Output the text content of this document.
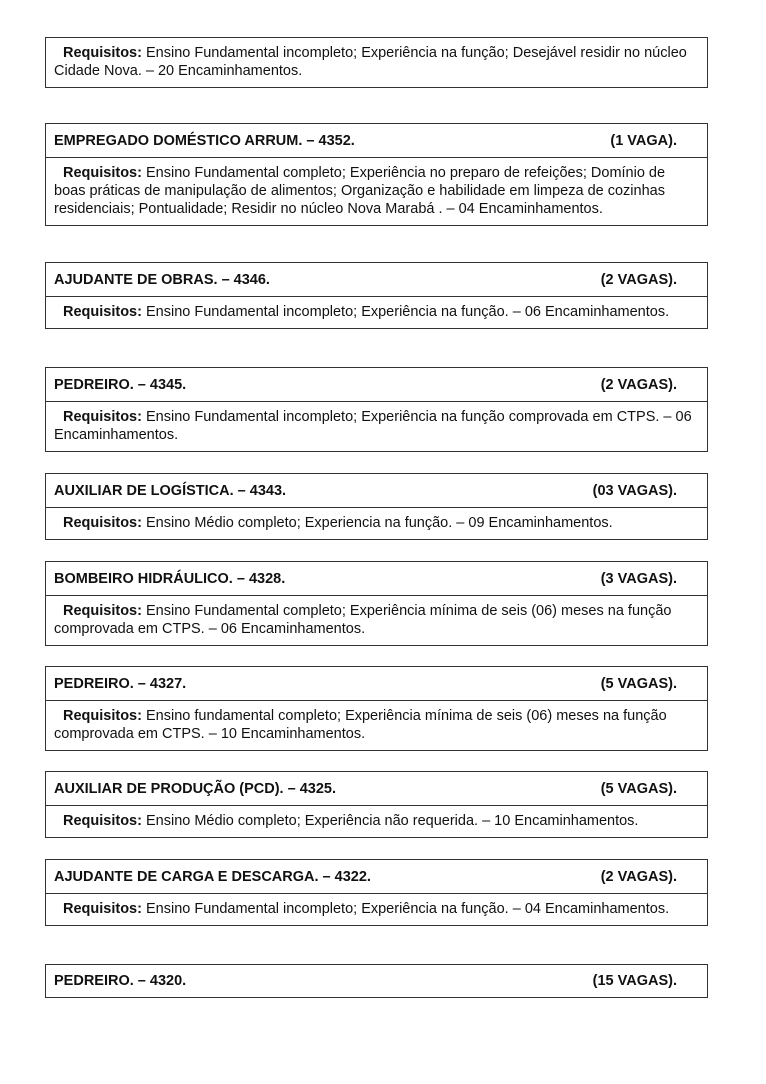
Requisitos: Ensino Fundamental incompleto; Experiência na função; Desejável residir no núcleo Cidade Nova. – 20 Encaminhamentos.
EMPREGADO DOMÉSTICO ARRUM. – 4352.	(1 VAGA).
Requisitos: Ensino Fundamental completo; Experiência no preparo de refeições; Domínio de boas práticas de manipulação de alimentos; Organização e habilidade em limpeza de cozinhas residenciais; Pontualidade; Residir no núcleo Nova Marabá . – 04 Encaminhamentos.
AJUDANTE DE OBRAS. – 4346.	(2 VAGAS).
Requisitos: Ensino Fundamental incompleto; Experiência na função. – 06 Encaminhamentos.
PEDREIRO. – 4345.	(2 VAGAS).
Requisitos: Ensino Fundamental incompleto; Experiência na função comprovada em CTPS. – 06 Encaminhamentos.
AUXILIAR DE LOGÍSTICA. – 4343.	(03 VAGAS).
Requisitos: Ensino Médio completo; Experiencia na função. – 09 Encaminhamentos.
BOMBEIRO HIDRÁULICO. – 4328.	(3 VAGAS).
Requisitos: Ensino Fundamental completo; Experiência mínima de seis (06) meses na função comprovada em CTPS. – 06 Encaminhamentos.
PEDREIRO. – 4327.	(5 VAGAS).
Requisitos: Ensino fundamental completo; Experiência mínima de seis (06) meses na função comprovada em CTPS. – 10 Encaminhamentos.
AUXILIAR DE PRODUÇÃO (PCD). – 4325.	(5 VAGAS).
Requisitos: Ensino Médio completo; Experiência não requerida. – 10 Encaminhamentos.
AJUDANTE DE CARGA E DESCARGA. – 4322.	(2 VAGAS).
Requisitos: Ensino Fundamental incompleto; Experiência na função. – 04 Encaminhamentos.
PEDREIRO. – 4320.	(15 VAGAS).
